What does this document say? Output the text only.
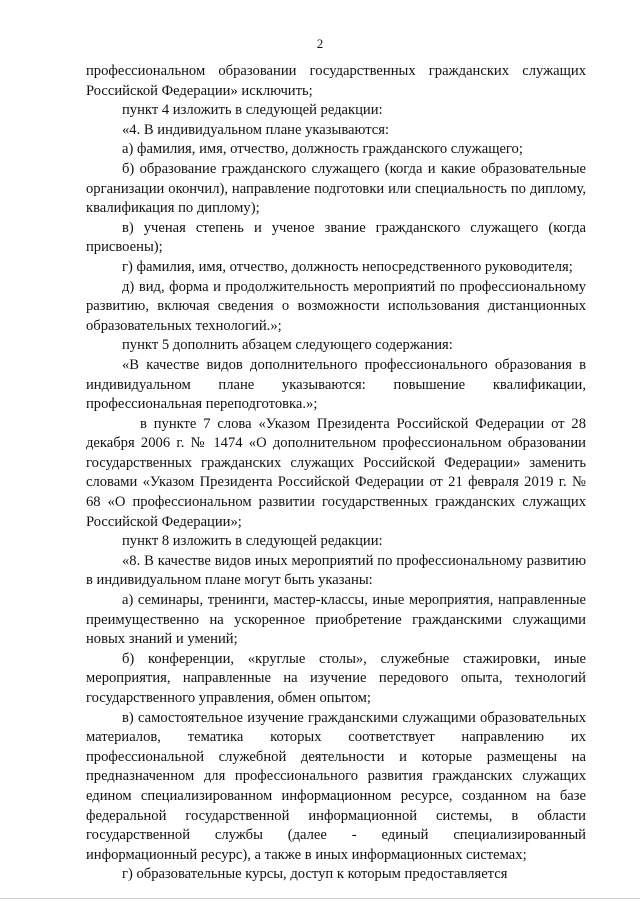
2

профессиональном образовании государственных гражданских служащих Российской Федерации» исключить;

пункт 4 изложить в следующей редакции:

«4. В индивидуальном плане указываются:

а) фамилия, имя, отчество, должность гражданского служащего;

б) образование гражданского служащего (когда и какие образовательные организации окончил), направление подготовки или специальность по диплому, квалификация по диплому);

в) ученая степень и ученое звание гражданского служащего (когда присвоены);

г) фамилия, имя, отчество, должность непосредственного руководителя;

д) вид, форма и продолжительность мероприятий по профессиональному развитию, включая сведения о возможности использования дистанционных образовательных технологий.»;

пункт 5 дополнить абзацем следующего содержания:

«В качестве видов дополнительного профессионального образования в индивидуальном плане указываются: повышение квалификации, профессиональная переподготовка.»;

в пункте 7 слова «Указом Президента Российской Федерации от 28 декабря 2006 г. № 1474 «О дополнительном профессиональном образовании государственных гражданских служащих Российской Федерации» заменить словами «Указом Президента Российской Федерации от 21 февраля 2019 г. № 68 «О профессиональном развитии государственных гражданских служащих Российской Федерации»;

пункт 8 изложить в следующей редакции:

«8. В качестве видов иных мероприятий по профессиональному развитию в индивидуальном плане могут быть указаны:

а) семинары, тренинги, мастер-классы, иные мероприятия, направленные преимущественно на ускоренное приобретение гражданскими служащими новых знаний и умений;

б) конференции, «круглые столы», служебные стажировки, иные мероприятия, направленные на изучение передового опыта, технологий государственного управления, обмен опытом;

в) самостоятельное изучение гражданскими служащими образовательных материалов, тематика которых соответствует направлению их профессиональной служебной деятельности и которые размещены на предназначенном для профессионального развития гражданских служащих едином специализированном информационном ресурсе, созданном на базе федеральной государственной информационной системы, в области государственной службы (далее - единый специализированный информационный ресурс), а также в иных информационных системах;

г) образовательные курсы, доступ к которым предоставляется
